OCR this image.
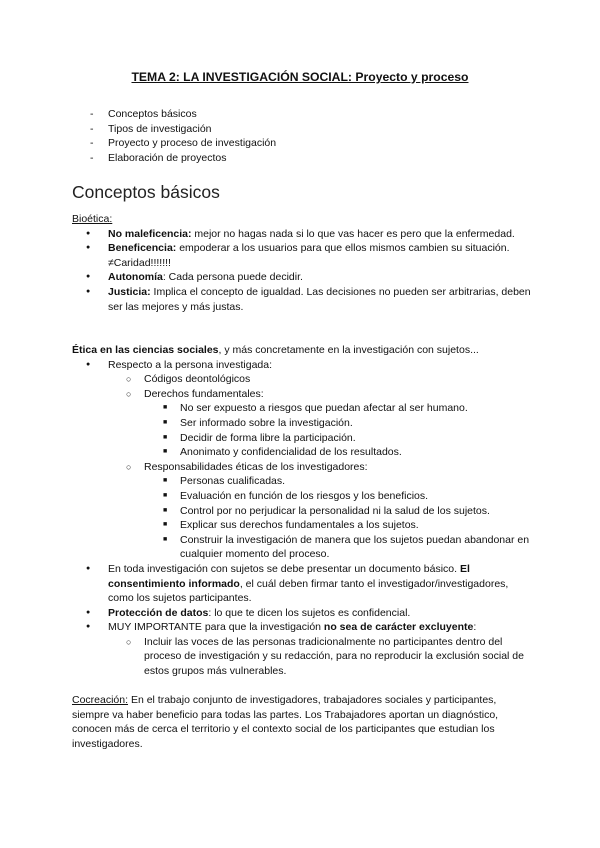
TEMA 2: LA INVESTIGACIÓN SOCIAL: Proyecto y proceso
- Conceptos básicos
- Tipos de investigación
- Proyecto y proceso de investigación
- Elaboración de proyectos
Conceptos básicos

Bioética:

● No maleficencia: mejor no hagas nada si lo que vas hacer es pero que la enfermedad.
● Beneficencia: empoderar a los usuarios para que ellos mismos cambien su situación. ≠Caridad!!!!!!!
● Autonomía: Cada persona puede decidir.
● Justicia: Implica el concepto de igualdad. Las decisiones no pueden ser arbitrarias, deben ser las mejores y más justas.

Ética en las ciencias sociales, y más concretamente en la investigación con sujetos...

● Respecto a la persona investigada:
○ Códigos deontológicos
○ Derechos fundamentales:
■ No ser expuesto a riesgos que puedan afectar al ser humano.
■ Ser informado sobre la investigación.
■ Decidir de forma libre la participación.
■ Anonimato y confidencialidad de los resultados.
○ Responsabilidades éticas de los investigadores:
■ Personas cualificadas.
■ Evaluación en función de los riesgos y los beneficios.
■ Control por no perjudicar la personalidad ni la salud de los sujetos.
■ Explicar sus derechos fundamentales a los sujetos.
■ Construir la investigación de manera que los sujetos puedan abandonar en cualquier momento del proceso.
● En toda investigación con sujetos se debe presentar un documento básico. El consentimiento informado, el cuál deben firmar tanto el investigador/investigadores, como los sujetos participantes.
● Protección de datos: lo que te dicen los sujetos es confidencial.
● MUY IMPORTANTE para que la investigación no sea de carácter excluyente:
○ Incluir las voces de las personas tradicionalmente no participantes dentro del proceso de investigación y su redacción, para no reproducir la exclusión social de estos grupos más vulnerables.

Cocreación: En el trabajo conjunto de investigadores, trabajadores sociales y participantes, siempre va haber beneficio para todas las partes. Los Trabajadores aportan un diagnóstico, conocen más de cerca el territorio y el contexto social de los participantes que estudian los investigadores.
